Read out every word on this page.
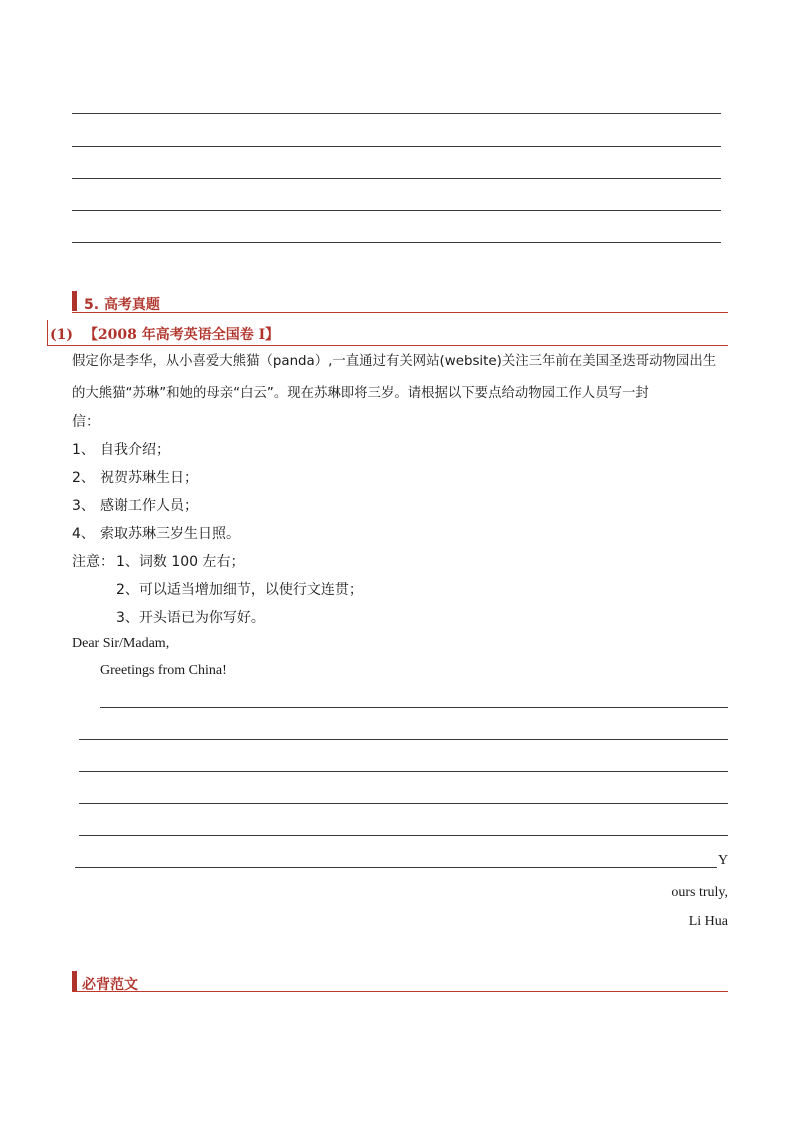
5. 高考真题
(1) 【2008 年高考英语全国卷 I】
假定你是李华，从小喜爱大熊猫（panda）,一直通过有关网站(website)关注三年前在美国圣迭哥动物园出生
的大熊猫“苏琳”和她的母亲“白云”。现在苏琳即将三岁。请根据以下要点给动物园工作人员写一封
信：
1、 自我介绍；
2、 祝贺苏琳生日；
3、 感谢工作人员；
4、 索取苏琳三岁生日照。
注意： 1、词数 100 左右；
2、可以适当增加细节，以使行文连贯；
3、开头语已为你写好。
Dear Sir/Madam,
Greetings from China!
Y
ours truly,
Li Hua
必背范文
